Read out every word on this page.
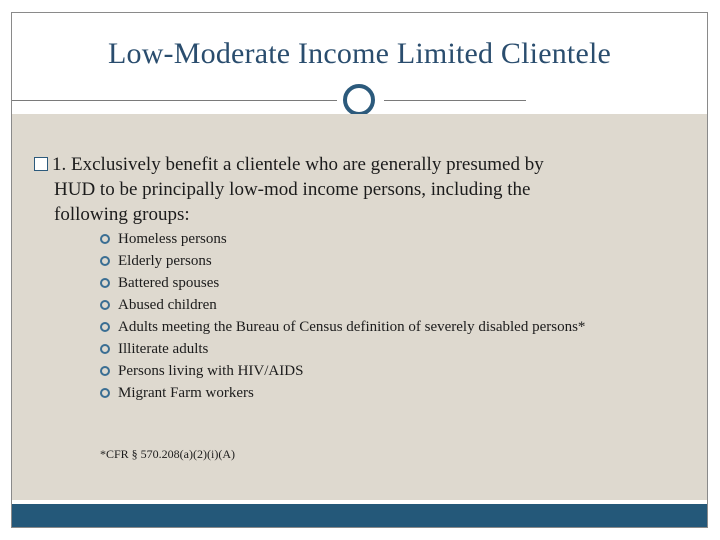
Low-Moderate Income Limited Clientele
1. Exclusively benefit a clientele who are generally presumed by
HUD to be principally low-mod income persons, including the
following groups:
Homeless persons
Elderly persons
Battered spouses
Abused children
Adults meeting the Bureau of Census definition of severely disabled persons*
Illiterate adults
Persons living with HIV/AIDS
Migrant Farm workers
*CFR § 570.208(a)(2)(i)(A)
